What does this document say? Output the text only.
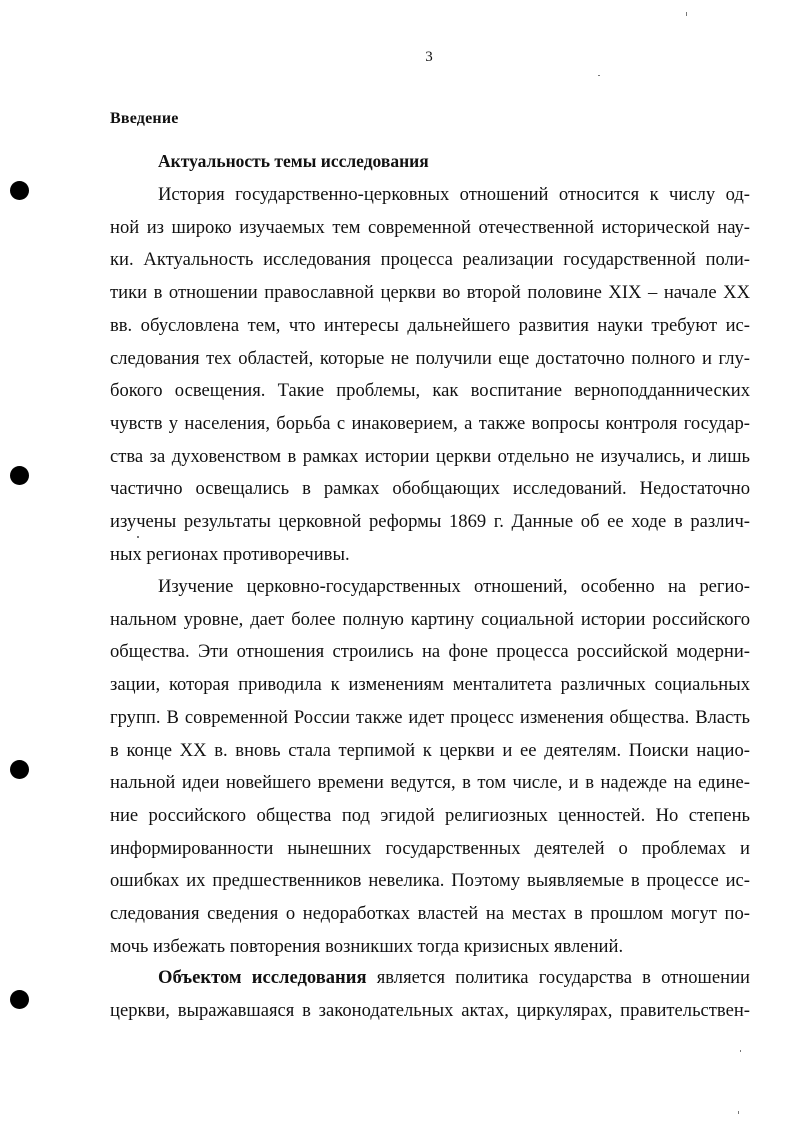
3
Введение
Актуальность темы исследования

История государственно-церковных отношений относится к числу од-

ной из широко изучаемых тем современной отечественной исторической нау-

ки. Актуальность исследования процесса реализации государственной поли-

тики в отношении православной церкви во второй половине XIX – начале XX

вв. обусловлена тем, что интересы дальнейшего развития науки требуют ис-

следования тех областей, которые не получили еще достаточно полного и глу-

бокого освещения. Такие проблемы, как воспитание верноподданнических

чувств у населения, борьба с инаковерием, а также вопросы контроля государ-

ства за духовенством в рамках истории церкви отдельно не изучались, и лишь

частично освещались в рамках обобщающих исследований. Недостаточно

изучены результаты церковной реформы 1869 г. Данные об ее ходе в различ-

ных регионах противоречивы.

Изучение церковно-государственных отношений, особенно на регио-

нальном уровне, дает более полную картину социальной истории российского

общества. Эти отношения строились на фоне процесса российской модерни-

зации, которая приводила к изменениям менталитета различных социальных

групп. В современной России также идет процесс изменения общества. Власть

в конце XX в. вновь стала терпимой к церкви и ее деятелям. Поиски нацио-

нальной идеи новейшего времени ведутся, в том числе, и в надежде на едине-

ние российского общества под эгидой религиозных ценностей. Но степень

информированности нынешних государственных деятелей о проблемах и

ошибках их предшественников невелика. Поэтому выявляемые в процессе ис-

следования сведения о недоработках властей на местах в прошлом могут по-

мочь избежать повторения возникших тогда кризисных явлений.

Объектом исследования является политика государства в отношении

церкви, выражавшаяся в законодательных актах, циркулярах, правительствен-
